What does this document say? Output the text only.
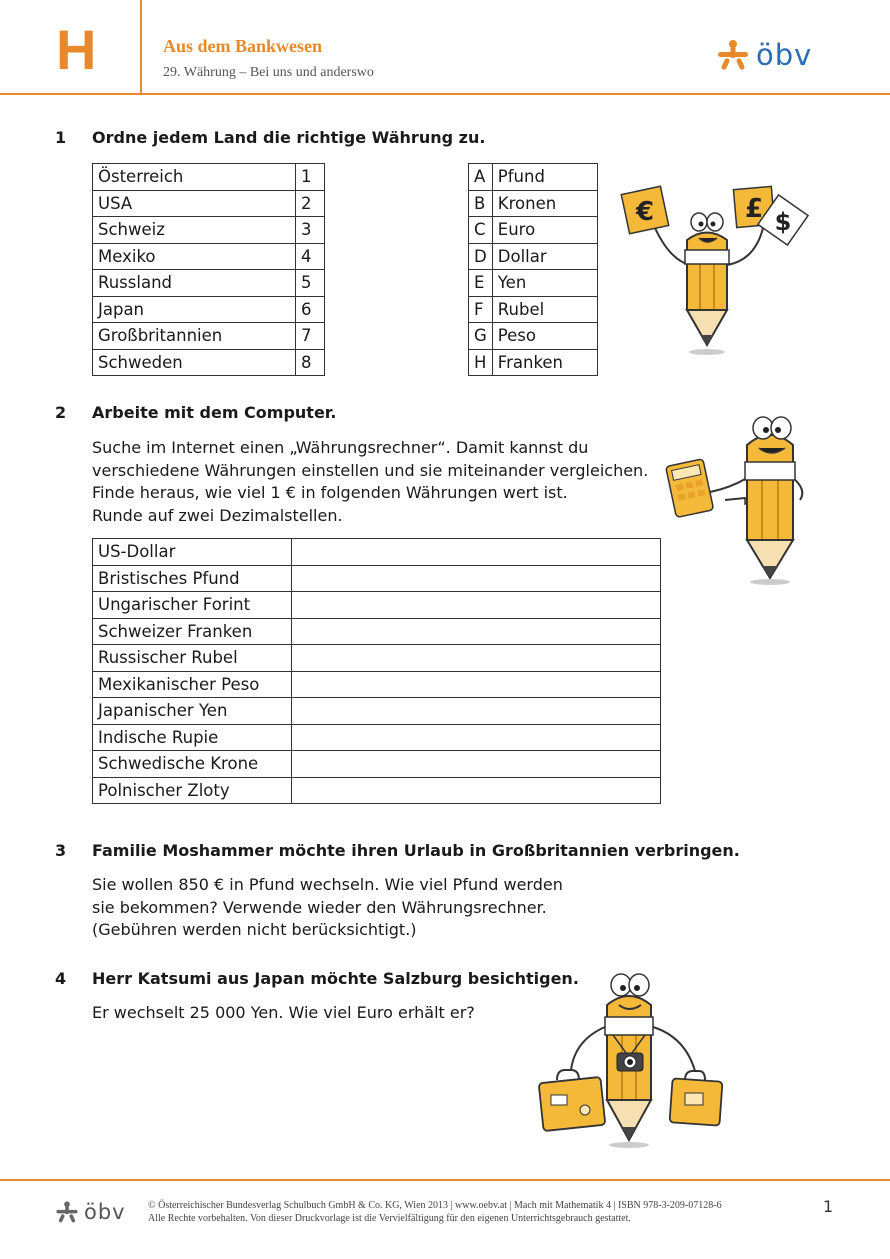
H	Aus dem Bankwesen
29. Währung – Bei uns und anderswo
öbv
1 Ordne jedem Land die richtige Währung zu.
Österreich	1
USA	2
Schweiz	3
Mexiko	4
Russland	5
Japan	6
Großbritannien	7
Schweden	8
A	Pfund
B	Kronen
C	Euro
D	Dollar
E	Yen
F	Rubel
G	Peso
H	Franken
€	£ $
2 Arbeite mit dem Computer.
Suche im Internet einen „Währungsrechner“. Damit kannst du
verschiedene Währungen einstellen und sie miteinander vergleichen.
Finde heraus, wie viel 1 € in folgenden Währungen wert ist.
Runde auf zwei Dezimalstellen.
US-Dollar	
Bristisches Pfund	
Ungarischer Forint	
Schweizer Franken	
Russischer Rubel	
Mexikanischer Peso	
Japanischer Yen	
Indische Rupie	
Schwedische Krone	
Polnischer Zloty	
3 Familie Moshammer möchte ihren Urlaub in Großbritannien verbringen.
Sie wollen 850 € in Pfund wechseln. Wie viel Pfund werden
sie bekommen? Verwende wieder den Währungsrechner.
(Gebühren werden nicht berücksichtigt.)
4 Herr Katsumi aus Japan möchte Salzburg besichtigen.
Er wechselt 25 000 Yen. Wie viel Euro erhält er?
öbv © Österreichischer Bundesverlag Schulbuch GmbH & Co. KG, Wien 2013 | www.oebv.at | Mach mit Mathematik 4 | ISBN 978-3-209-07128-6
Alle Rechte vorbehalten. Von dieser Druckvorlage ist die Vervielfältigung für den eigenen Unterrichtsgebrauch gestattet.
1
